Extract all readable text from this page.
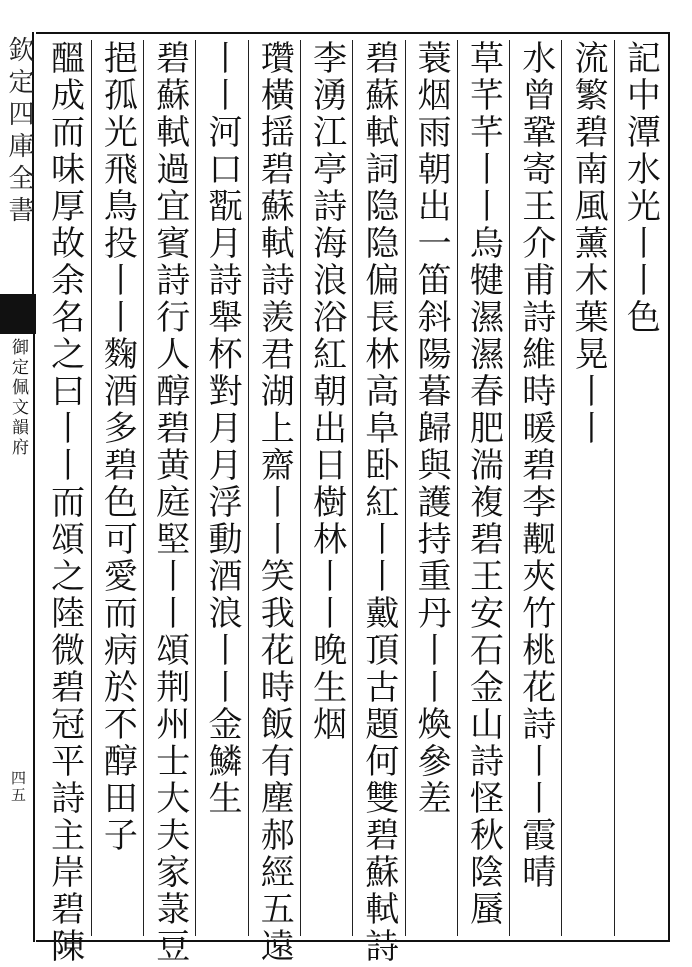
欽定四庫全書
御定佩文韻府
四五
記中潭水光丨丨色
流繁碧南風薰木葉晃丨丨
水曾鞏寄王介甫詩維時暖碧李觏夾竹桃花詩丨丨霞晴
草芊芊丨丨烏犍濕濕春肥湍複碧王安石金山詩怪秋陰蜃
蓑烟雨朝出一笛斜陽暮歸與護持重丹丨丨煥參差
碧蘇軾詞隐隐偏長林高阜卧紅丨丨戴頂古題何雙碧蘇軾詩
李湧江亭詩海浪浴紅朝出日樹林丨丨晚生烟
瓚橫揺碧蘇軾詩羨君湖上齋丨丨笑我花時飯有塵郝經五遠
丨丨河口翫月詩舉杯對月月浮動酒浪丨丨金鱗生
碧蘇軾過宜賓詩行人醇碧黄庭堅丨丨頌荆州士大夫家菉豆
挹孤光飛鳥投丨丨麴酒多碧色可愛而病於不醇田子
醞成而味厚故余名之曰丨丨而頌之陸微碧冠平詩主岸碧陳
